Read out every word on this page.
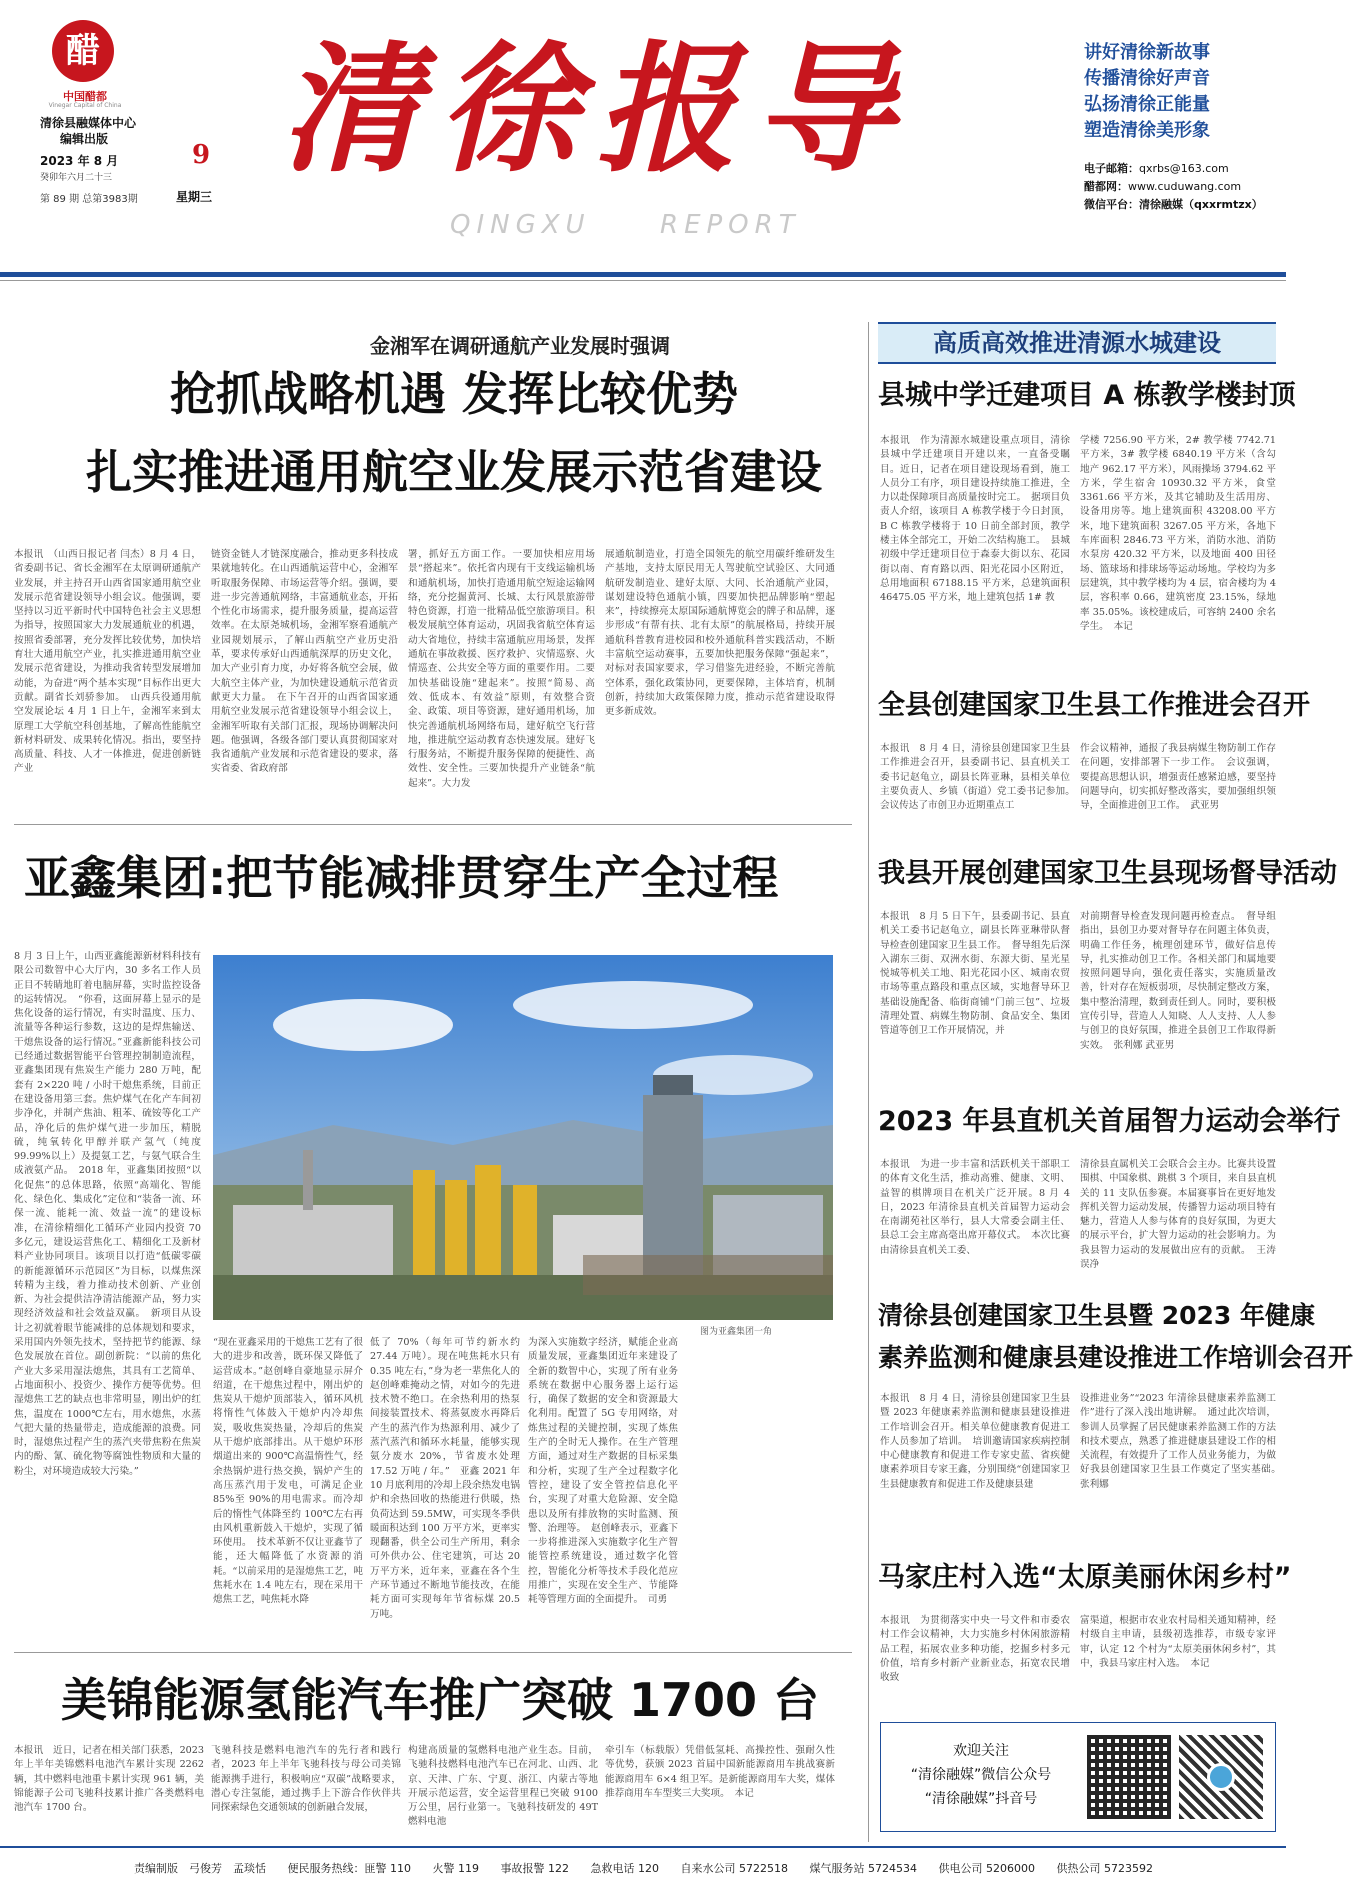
醋
中国醋都
Vinegar Capital of China
清徐县融媒体中心
编辑出版
2023 年 8 月	9
癸卯年六月二十三
第 89 期 总第3983期	星期三
清徐报导
QINGXU	REPORT
讲好清徐新故事
传播清徐好声音
弘扬清徐正能量
塑造清徐美形象
电子邮箱：qxrbs@163.com
醋都网：www.cuduwang.com
微信平台：清徐融媒（qxxrmtzx）
金湘军在调研通航产业发展时强调
抢抓战略机遇 发挥比较优势
扎实推进通用航空业发展示范省建设
本报讯　（山西日报记者 闫杰）8 月 4 日，省委副书记、省长金湘军在太原调研通航产业发展，并主持召开山西省国家通用航空业发展示范省建设领导小组会议。他强调，要坚持以习近平新时代中国特色社会主义思想为指导，按照国家大力发展通航业的机遇，按照省委部署，充分发挥比较优势，加快培育壮大通用航空产业，扎实推进通用航空业发展示范省建设，为推动我省转型发展增加动能，为奋进“两个基本实现”目标作出更大贡献。副省长刘骄参加。　山西兵役通用航空发展论坛 4 月 1 日上午，金湘军来到太原理工大学航空科创基地，了解高性能航空新材料研发、成果转化情况。指出，要坚持高质量、科技、人才一体推进，促进创新链产业
链资金链人才链深度融合，推动更多科技成果就地转化。在山西通航运营中心，金湘军听取服务保障、市场运营等介绍。强调，要进一步完善通航网络，丰富通航业态，开拓个性化市场需求，提升服务质量，提高运营效率。在太原尧城机场，金湘军察看通航产业园规划展示，了解山西航空产业历史沿革，要求传承好山西通航深厚的历史文化，加大产业引育力度，办好将各航空会展，做大航空主体产业，为加快建设通航示范省贡献更大力量。　在下午召开的山西省国家通用航空业发展示范省建设领导小组会议上，金湘军听取有关部门汇报，现场协调解决问题。他强调，各级各部门要认真贯彻国家对我省通航产业发展和示范省建设的要求，落实省委、省政府部
署，抓好五方面工作。一要加快相应用场景“搭起来”。依托省内现有干支线运输机场和通航机场，加快打造通用航空短途运输网络，充分挖掘黄河、长城、太行风景旅游带特色资源，打造一批精品低空旅游项目。积极发展航空体育运动，巩固我省航空体育运动大省地位，持续丰富通航应用场景，发挥通航在事故救援、医疗救护、灾情巡察、火情巡查、公共安全等方面的重要作用。二要加快基础设施“建起来”。按照“简易、高效、低成本、有效益”原则，有效整合资金、政策、项目等资源，建好通用机场，加快完善通航机场网络布局，建好航空飞行营地，推进航空运动教育态快速发展。建好飞行服务站，不断提升服务保障的便捷性、高效性、安全性。三要加快提升产业链条“航起来”。大力发
展通航制造业，打造全国领先的航空用碳纤维研发生产基地，支持太原民用无人驾驶航空试验区、大同通航研发制造业、建好太原、大同、长治通航产业园，谋划建设特色通航小镇，四要加快把品牌影响“塑起来”，持续擦亮太原国际通航博览会的牌子和品牌，逐步形成“有帮有扶、北有太原”的航展格局，持续开展通航科普教育进校园和校外通航科普实践活动，不断丰富航空运动赛事，五要加快把服务保障“强起来”，对标对表国家要求，学习借鉴先进经验，不断完善航空体系，强化政策协同，更要保障，主体培育，机制创新，持续加大政策保障力度，推动示范省建设取得更多新成效。
亚鑫集团:把节能减排贯穿生产全过程
8 月 3 日上午，山西亚鑫能源新材料科技有限公司数智中心大厅内，30 多名工作人员正目不转睛地盯着电脑屏幕，实时监控设备的运转情况。　“你看，这面屏幕上显示的是焦化设备的运行情况，有实时温度、压力、流量等各种运行参数，这边的是焊焦输送、干熄焦设备的运行情况。”亚鑫新能科技公司已经通过数据智能平台管理控制制造流程，亚鑫集团现有焦炭生产能力 280 万吨，配套有 2×220 吨 / 小时干熄焦系统，目前正在建设备用第三套。焦炉煤气在化产车间初步净化，并制产焦油、粗苯、硫铵等化工产品，净化后的焦炉煤气进一步加压，精脱硫，纯氧转化甲醇并联产氢气（纯度 99.99%以上）及提氨工艺，与氨气联合生成液氨产品。　2018 年，亚鑫集团按照“以化促焦”的总体思路，依照“高端化、智能化、绿色化、集成化”定位和“装备一流、环保一流、能耗一流、效益一流”的建设标准，在清徐精细化工循环产业园内投资 70 多亿元，建设运营焦化工、精细化工及新材料产业协同项目。该项目以打造“低碳零碳的新能源循环示范园区”为目标，以煤焦深转精为主线，着力推动技术创新、产业创新、为社会提供洁净清洁能源产品，努力实现经济效益和社会效益双赢。　新项目从设计之初就着眼节能减排的总体规划和要求，采用国内外领先技术，坚持把节约能源、绿色发展放在首位。副创新院：“以前的焦化产业大多采用湿法熄焦，其具有工艺简单、占地面积小、投资少、操作方便等优势。但湿熄焦工艺的缺点也非常明显，刚出炉的红焦，温度在 1000℃左右，用水熄焦，水蒸气把大量的热量带走，造成能源的浪费。同时，湿熄焦过程产生的蒸汽夹带焦粉在焦炭内的酚、氰、硫化物等腐蚀性物质和大量的粉尘，对环境造成较大污染。”
图为亚鑫集团一角
“现在亚鑫采用的干熄焦工艺有了很大的进步和改善，既环保又降低了运营成本。”赵创峰自豪地显示屏介绍道，在干熄焦过程中，刚出炉的焦炭从干熄炉顶部装入，循环风机将惰性气体鼓入干熄炉内冷却焦炭，吸收焦炭热量，冷却后的焦炭从干熄炉底部排出。从干熄炉环形烟道出来的 900℃高温惰性气，经余热锅炉进行热交换，锅炉产生的高压蒸汽用于发电，可满足企业 85%至 90%的用电需求。而冷却后的惰性气体降至约 100℃左右再由风机重新鼓入干熄炉，实现了循环使用。　技术革新不仅让亚鑫节了能，还大幅降低了水资源的消耗。“以前采用的是湿熄焦工艺，吨焦耗水在 1.4 吨左右，现在采用干熄焦工艺，吨焦耗水降
低了 70%（每年可节约新水约 27.44 万吨）。现在吨焦耗水只有 0.35 吨左右，”身为老一辈焦化人的赵创峰难掩动之情，对如今的先进技术赞不绝口。在余热利用的热泵间接装置技术、将蒸氨废水再降后产生的蒸汽作为热源利用、减少了蒸汽蒸汽和循环水耗量，能够实现氨分废水 20%，节省废水处理 17.52 万吨 / 年。”　亚鑫 2021 年 10 月底利用的冷却上段余热发电锅炉和余热回收的热能进行供暖，热负荷达到 59.5MW，可实现冬季供暖面积达到 100 万平方米，更率实现翻番，供全公司生产所用，剩余可外供办公、住宅建筑，可达 20 万平方米，近年来，亚鑫在各个生产环节通过不断地节能技改，在能耗方面可实现每年节省标煤 20.5 万吨。
为深入实施数字经济，赋能企业高质量发展，亚鑫集团近年来建设了全新的数智中心，实现了所有业务系统在数据中心服务器上运行运行，确保了数据的安全和资源最大化利用。配置了 5G 专用网络，对炼焦过程的关键控制，实现了炼焦生产的全时无人操作。在生产管理方面，通过对生产数据的目标采集和分析，实现了生产全过程数字化管控，建设了安全管控信息化平台，实现了对重大危险源、安全隐患以及所有排放物的实时监测、预警、治理等。　赵创峰表示，亚鑫下一步将推进深入实施数字化生产智能管控系统建设，通过数字化管控，智能化分析等技术手段化范应用推广，实现在安全生产、节能降耗等管理方面的全面提升。　司勇
美锦能源氢能汽车推广突破 1700 台
本报讯　近日，记者在相关部门获悉，2023 年上半年美锦燃料电池汽车累计实现 2262 辆，其中燃料电池重卡累计实现 961 辆，美锦能源子公司飞驰科技累计推广各类燃料电池汽车 1700 台。
飞驰科技是燃料电池汽车的先行者和践行者，2023 年上半年飞驰科技与母公司美锦能源携手进行，积极响应“双碳”战略要求，潜心专注氢能，通过携手上下游合作伙伴共同探索绿色交通领域的创新融合发展，
构建高质量的氢燃料电池产业生态。目前，飞驰科技燃料电池汽车已在河北、山西、北京、天津、广东、宁夏、浙江、内蒙古等地开展示范运营，安全运营里程已突破 9100 万公里，居行业第一。飞驰科技研发的 49T 燃料电池
牵引车（标载版）凭借低氢耗、高操控性、强耐久性等优势，获颁 2023 首届中国新能源商用车挑战赛新能源商用车 6×4 组卫军。是新能源商用车大奖，煤体推荐商用车车型奖三大奖项。　本记
高质高效推进清源水城建设
县城中学迁建项目 A 栋教学楼封顶
本报讯　作为清源水城建设重点项目，清徐县城中学迁建项目开建以来，一直备受瞩目。近日，记者在项目建设现场看到，施工人员分工有序，项目建设持续施工推进，全力以赴保障项目高质量按时完工。　据项目负责人介绍，该项目 A 栋教学楼于今日封顶，B C 栋教学楼将于 10 日前全部封顶，教学楼主体全部完工，开始二次结构施工。　县城初级中学迁建项目位于森泰大街以东、花园街以南、育育路以西、阳光花园小区附近，总用地面积 67188.15 平方米，总建筑面积 46475.05 平方米，地上建筑包括 1# 教
学楼 7256.90 平方米，2# 教学楼 7742.71 平方米，3# 教学楼 6840.19 平方米（含勾地产 962.17 平方米），风雨操场 3794.62 平方米，学生宿舍 10930.32 平方米，食堂 3361.66 平方米，及其它辅助及生活用房、设备用房等。地上建筑面积 43208.00 平方米，地下建筑面积 3267.05 平方米，各地下车库面积 2846.73 平方米，消防水池、消防水泵房 420.32 平方米，以及地面 400 田径场、篮球场和排球场等运动场地。学校均为多层建筑，其中教学楼均为 4 层，宿舍楼均为 4 层，容积率 0.66，建筑密度 23.15%，绿地率 35.05%。该校建成后，可容纳 2400 余名学生。　本记
全县创建国家卫生县工作推进会召开
本报讯　8 月 4 日，清徐县创建国家卫生县工作推进会召开，县委副书记、县直机关工委书记赵龟立，副县长阵亚琳，县相关单位主要负责人、乡镇（街道）党工委书记参加。　会议传达了市创卫办近期重点工
作会议精神，通报了我县病媒生物防制工作存在问题，安排部署下一步工作。　会议强调，要提高思想认识，增强责任感紧迫感，要坚持问题导向，切实抓好整改落实，要加强组织领导，全面推进创卫工作。　武亚男
我县开展创建国家卫生县现场督导活动
本报讯　8 月 5 日下午，县委副书记、县直机关工委书记赵龟立，副县长阵亚琳带队督导检查创建国家卫生县工作。　督导组先后深入湖东三街、双洲水街、东源大街、星光星悦城等机关工地、阳光花园小区、城南农贸市场等重点路段和重点区域，实地督导环卫基础设施配备、临街商铺“门前三包”、垃圾清理处置、病媒生物防制、食品安全、集团管道等创卫工作开展情况，并
对前期督导检查发现问题再检查点。　督导组指出，县创卫办要对督导存在问题主体负责，明确工作任务，梳理创建环节，做好信息传导，扎实推动创卫工作。各相关部门和属地要按照问题导向，强化责任落实，实施质量改善，针对存在短板弱项，尽快制定整改方案，集中整治清理，数到责任到人。同时，要积极宣传引导，营造人人知晓、人人支持、人人参与创卫的良好氛围，推进全县创卫工作取得新实效。　张利娜 武亚男
2023 年县直机关首届智力运动会举行
本报讯　为进一步丰富和活跃机关干部职工的体育文化生活，推动高雅、健康、文明、益智的棋牌项目在机关广泛开展。8 月 4 日，2023 年清徐县直机关首届智力运动会在南湖苑社区举行，县人大常委会副主任、县总工会主席高毫出席开幕仪式。　本次比赛由清徐县直机关工委、
清徐县直属机关工会联合会主办。比赛共设置围棋、中国象棋、跳棋 3 个项目，来自县直机关的 11 支队伍参赛。本届赛事旨在更好地发挥机关智力运动发展，传播智力运动项目特有魅力，营造人人参与体育的良好氛围，为更大的展示平台，扩大智力运动的社会影响力。为我县智力运动的发展做出应有的贡献。　王涛 误净
清徐县创建国家卫生县暨 2023 年健康
素养监测和健康县建设推进工作培训会召开
本报讯　8 月 4 日，清徐县创建国家卫生县暨 2023 年健康素养监测和健康县建设推进工作培训会召开。相关单位健康教育促进工作人员参加了培训。　培训邀请国家疾病控制中心健康教育和促进工作专家史蓝、省疾健康素养项目专家王鑫，分别围绕“创建国家卫生县健康教育和促进工作及健康县建
设推进业务”“2023 年清徐县健康素养监测工作”进行了深入浅出地讲解。　通过此次培训，参训人员掌握了居民健康素养监测工作的方法和技术要点，熟悉了推进健康县建设工作的相关流程，有效提升了工作人员业务能力，为做好我县创建国家卫生县工作奠定了坚实基础。　张利娜
马家庄村入选“太原美丽休闲乡村”
本报讯　为贯彻落实中央一号文件和市委农村工作会议精神，大力实施乡村休闲旅游精品工程，拓展农业多种功能，挖掘乡村多元价值，培育乡村新产业新业态，拓宽农民增收致
富渠道，根据市农业农村局相关通知精神，经村级自主申请，县级初选推荐，市级专家评审，认定 12 个村为“太原美丽休闲乡村”，其中，我县马家庄村入选。　本记
欢迎关注
“清徐融媒”微信公众号
“清徐融媒”抖音号
责编制版　弓俊芳　孟琰恬 便民服务热线：匪警 110 火警 119 事故报警 122 急救电话 120 自来水公司 5722518 煤气服务站 5724534 供电公司 5206000 供热公司 5723592
